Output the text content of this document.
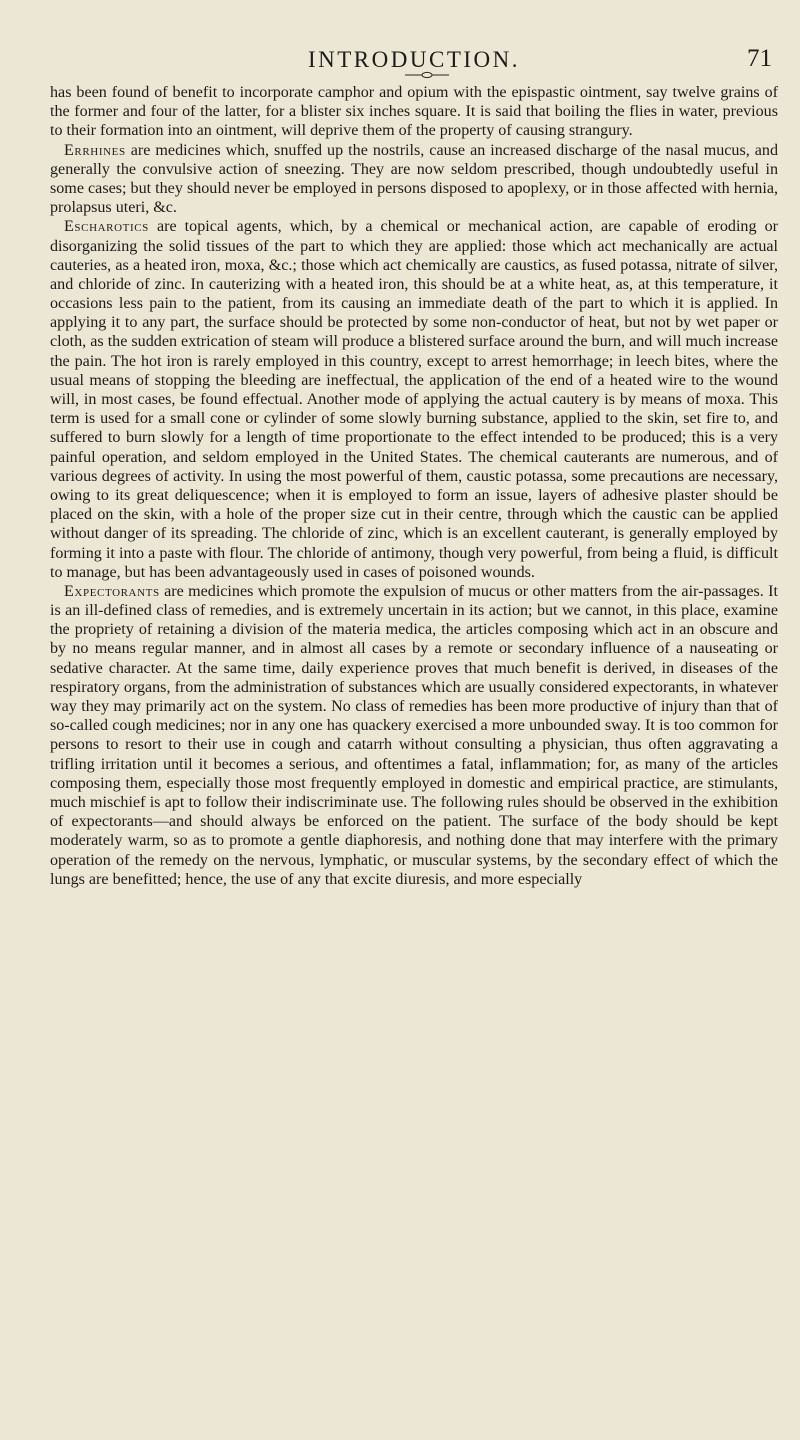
INTRODUCTION.	71

has been found of benefit to incorporate camphor and opium with the epispastic ointment, say twelve grains of the former and four of the latter, for a blister six inches square. It is said that boiling the flies in water, previous to their formation into an ointment, will deprive them of the property of causing strangury.

Errhines are medicines which, snuffed up the nostrils, cause an increased discharge of the nasal mucus, and generally the convulsive action of sneezing. They are now seldom prescribed, though undoubtedly useful in some cases; but they should never be employed in persons disposed to apoplexy, or in those affected with hernia, prolapsus uteri, &c.

Escharotics are topical agents, which, by a chemical or mechanical action, are capable of eroding or disorganizing the solid tissues of the part to which they are applied: those which act mechanically are actual cauteries, as a heated iron, moxa, &c.; those which act chemically are caustics, as fused potassa, nitrate of silver, and chloride of zinc. In cauterizing with a heated iron, this should be at a white heat, as, at this temperature, it occasions less pain to the patient, from its causing an immediate death of the part to which it is applied. In applying it to any part, the surface should be protected by some non-conductor of heat, but not by wet paper or cloth, as the sudden extrication of steam will produce a blistered surface around the burn, and will much increase the pain. The hot iron is rarely employed in this country, except to arrest hemorrhage; in leech bites, where the usual means of stopping the bleeding are ineffectual, the application of the end of a heated wire to the wound will, in most cases, be found effectual. Another mode of applying the actual cautery is by means of moxa. This term is used for a small cone or cylinder of some slowly burning substance, applied to the skin, set fire to, and suffered to burn slowly for a length of time proportionate to the effect intended to be produced; this is a very painful operation, and seldom employed in the United States. The chemical cauterants are numerous, and of various degrees of activity. In using the most powerful of them, caustic potassa, some precautions are necessary, owing to its great deliquescence; when it is employed to form an issue, layers of adhesive plaster should be placed on the skin, with a hole of the proper size cut in their centre, through which the caustic can be applied without danger of its spreading. The chloride of zinc, which is an excellent cauterant, is generally employed by forming it into a paste with flour. The chloride of antimony, though very powerful, from being a fluid, is difficult to manage, but has been advantageously used in cases of poisoned wounds.

Expectorants are medicines which promote the expulsion of mucus or other matters from the air-passages. It is an ill-defined class of remedies, and is extremely uncertain in its action; but we cannot, in this place, examine the propriety of retaining a division of the materia medica, the articles composing which act in an obscure and by no means regular manner, and in almost all cases by a remote or secondary influence of a nauseating or sedative character. At the same time, daily experience proves that much benefit is derived, in diseases of the respiratory organs, from the administration of substances which are usually considered expectorants, in whatever way they may primarily act on the system. No class of remedies has been more productive of injury than that of so-called cough medicines; nor in any one has quackery exercised a more unbounded sway. It is too common for persons to resort to their use in cough and catarrh without consulting a physician, thus often aggravating a trifling irritation until it becomes a serious, and oftentimes a fatal, inflammation; for, as many of the articles composing them, especially those most frequently employed in domestic and empirical practice, are stimulants, much mischief is apt to follow their indiscriminate use. The following rules should be observed in the exhibition of expectorants—and should always be enforced on the patient. The surface of the body should be kept moderately warm, so as to promote a gentle diaphoresis, and nothing done that may interfere with the primary operation of the remedy on the nervous, lymphatic, or muscular systems, by the secondary effect of which the lungs are benefitted; hence, the use of any that excite diuresis, and more especially
